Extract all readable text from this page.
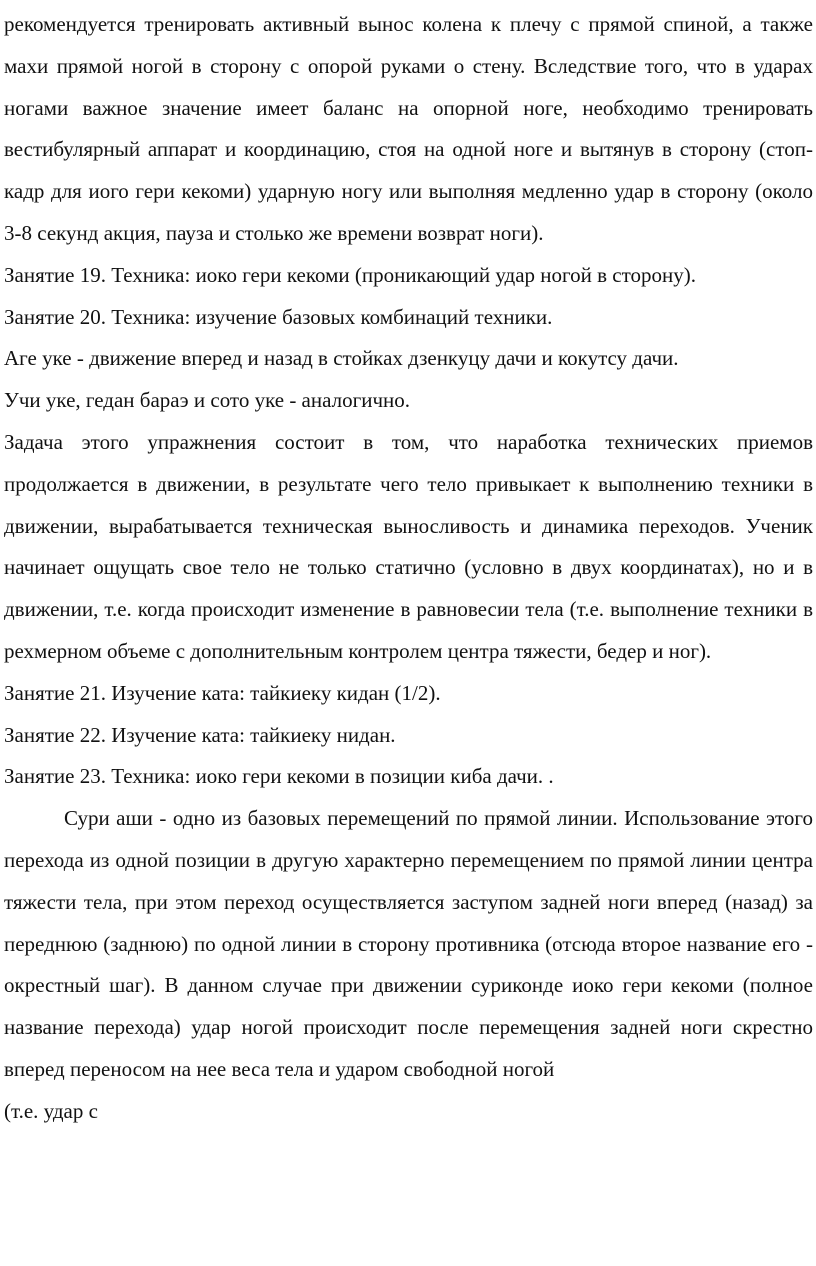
рекомендуется тренировать активный вынос колена к плечу с прямой спиной, а также махи прямой ногой в сторону с опорой руками о стену. Вследствие того, что в ударах ногами важное значение имеет баланс на опорной ноге, необходимо тренировать вестибулярный аппарат и координацию, стоя на одной ноге и вытянув в сторону (стоп-кадр для иого гери кекоми) ударную ногу или выполняя медленно удар в сторону (около 3-8 секунд акция, пауза и столько же времени возврат ноги).

Занятие 19. Техника: иоко гери кекоми (проникающий удар ногой в сторону).

Занятие 20. Техника: изучение базовых комбинаций техники.

Аге уке - движение вперед и назад в стойках дзенкуцу дачи и кокутсу дачи.

Учи уке, гедан бараэ и сото уке - аналогично.

Задача этого упражнения состоит в том, что наработка технических приемов продолжается в движении, в результате чего тело привыкает к выполнению техники в движении, вырабатывается техническая выносливость и динамика переходов. Ученик начинает ощущать свое тело не только статично (условно в двух координатах), но и в движении, т.е. когда происходит изменение в равновесии тела (т.е. выполнение техники в рехмерном объеме с дополнительным контролем центра тяжести, бедер и ног).

Занятие 21. Изучение ката: тайкиеку кидан (1/2).

Занятие 22. Изучение ката: тайкиеку нидан.

Занятие 23. Техника: иоко гери кекоми в позиции киба дачи. .

Сури аши - одно из базовых перемещений по прямой линии. Использование этого перехода из одной позиции в другую характерно перемещением по прямой линии центра тяжести тела, при этом переход осуществляется заступом задней ноги вперед (назад) за переднюю (заднюю) по одной линии в сторону противника (отсюда второе название его - окрестный шаг). В данном случае при движении суриконде иоко гери кекоми (полное название перехода) удар ногой происходит после перемещения задней ноги скрестно вперед переносом на нее веса тела и ударом свободной ногой

(т.е. удар с
